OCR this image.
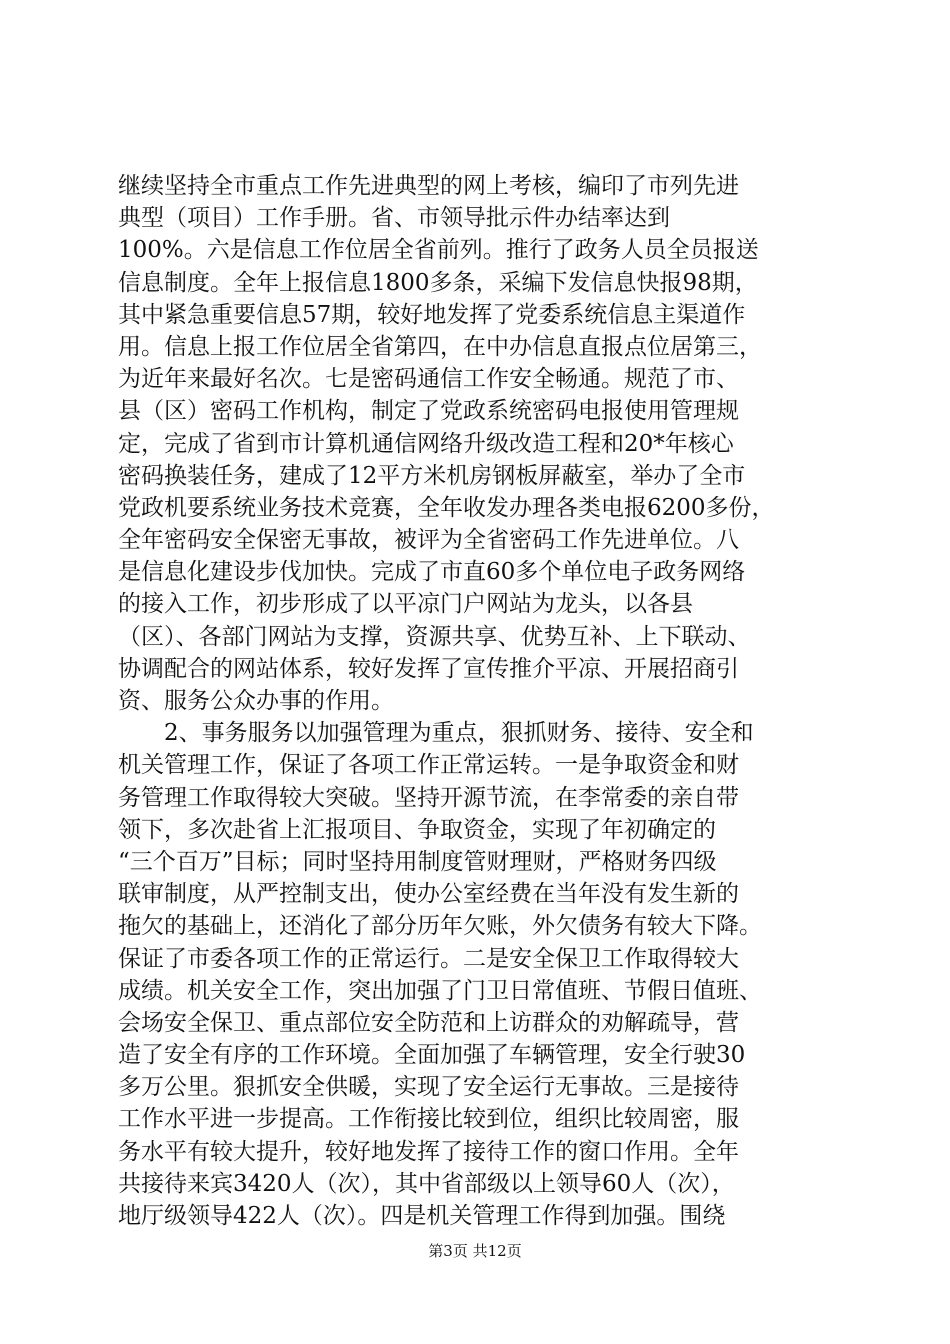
继续坚持全市重点工作先进典型的网上考核，编印了市列先进
典型（项目）工作手册。省、市领导批示件办结率达到
100%。六是信息工作位居全省前列。推行了政务人员全员报送
信息制度。全年上报信息1800多条，采编下发信息快报98期，
其中紧急重要信息57期，较好地发挥了党委系统信息主渠道作
用。信息上报工作位居全省第四，在中办信息直报点位居第三，
为近年来最好名次。七是密码通信工作安全畅通。规范了市、
县（区）密码工作机构，制定了党政系统密码电报使用管理规
定，完成了省到市计算机通信网络升级改造工程和20*年核心
密码换装任务，建成了12平方米机房钢板屏蔽室，举办了全市
党政机要系统业务技术竞赛，全年收发办理各类电报6200多份，
全年密码安全保密无事故，被评为全省密码工作先进单位。八
是信息化建设步伐加快。完成了市直60多个单位电子政务网络
的接入工作，初步形成了以平凉门户网站为龙头，以各县
（区）、各部门网站为支撑，资源共享、优势互补、上下联动、
协调配合的网站体系，较好发挥了宣传推介平凉、开展招商引
资、服务公众办事的作用。
　　2、事务服务以加强管理为重点，狠抓财务、接待、安全和
机关管理工作，保证了各项工作正常运转。一是争取资金和财
务管理工作取得较大突破。坚持开源节流，在李常委的亲自带
领下，多次赴省上汇报项目、争取资金，实现了年初确定的
“三个百万”目标；同时坚持用制度管财理财，严格财务四级
联审制度，从严控制支出，使办公室经费在当年没有发生新的
拖欠的基础上，还消化了部分历年欠账，外欠债务有较大下降。
保证了市委各项工作的正常运行。二是安全保卫工作取得较大
成绩。机关安全工作，突出加强了门卫日常值班、节假日值班、
会场安全保卫、重点部位安全防范和上访群众的劝解疏导，营
造了安全有序的工作环境。全面加强了车辆管理，安全行驶30
多万公里。狠抓安全供暖，实现了安全运行无事故。三是接待
工作水平进一步提高。工作衔接比较到位，组织比较周密，服
务水平有较大提升，较好地发挥了接待工作的窗口作用。全年
共接待来宾3420人（次），其中省部级以上领导60人（次），
地厅级领导422人（次）。四是机关管理工作得到加强。围绕
第3页 共12页
